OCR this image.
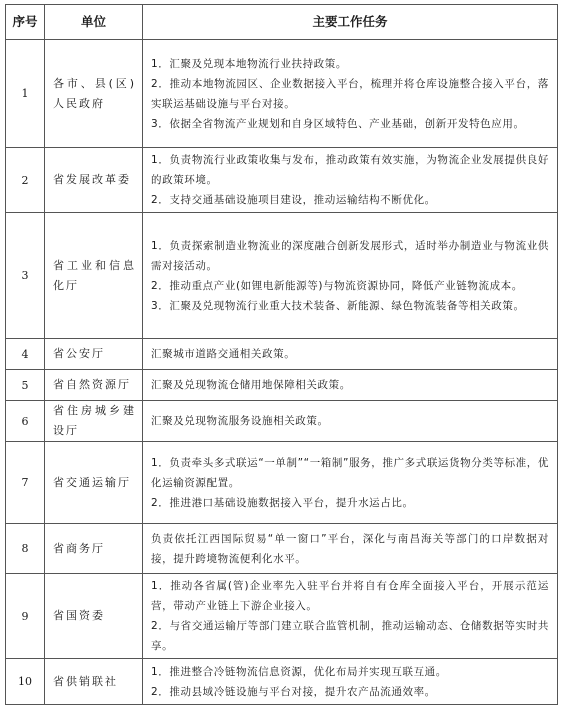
序号	单位	主要工作任务
1	各市、县(区)人民政府	1．汇聚及兑现本地物流行业扶持政策。

2．推动本地物流园区、企业数据接入平台，梳理并将仓库设施整合接入平台，落实联运基础设施与平台对接。

3．依据全省物流产业规划和自身区域特色、产业基础，创新开发特色应用。

2	省发展改革委	1．负责物流行业政策收集与发布，推动政策有效实施，为物流企业发展提供良好的政策环境。

2．支持交通基础设施项目建设，推动运输结构不断优化。

3	省工业和信息化厅	1．负责探索制造业物流业的深度融合创新发展形式，适时举办制造业与物流业供需对接活动。

2．推动重点产业(如锂电新能源等)与物流资源协同，降低产业链物流成本。

3．汇聚及兑现物流行业重大技术装备、新能源、绿色物流装备等相关政策。

4	省公安厅	汇聚城市道路交通相关政策。

5	省自然资源厅	汇聚及兑现物流仓储用地保障相关政策。

6	省住房城乡建设厅	汇聚及兑现物流服务设施相关政策。

7	省交通运输厅	1．负责牵头多式联运“一单制”“一箱制”服务，推广多式联运货物分类等标准，优化运输资源配置。

2．推进港口基础设施数据接入平台，提升水运占比。

8	省商务厅	负责依托江西国际贸易“单一窗口”平台，深化与南昌海关等部门的口岸数据对接，提升跨境物流便利化水平。

9	省国资委	1．推动各省属(管)企业率先入驻平台并将自有仓库全面接入平台，开展示范运营，带动产业链上下游企业接入。

2．与省交通运输厅等部门建立联合监管机制，推动运输动态、仓储数据等实时共享。

10	省供销联社	1．推进整合冷链物流信息资源，优化布局并实现互联互通。

2．推动县域冷链设施与平台对接，提升农产品流通效率。
